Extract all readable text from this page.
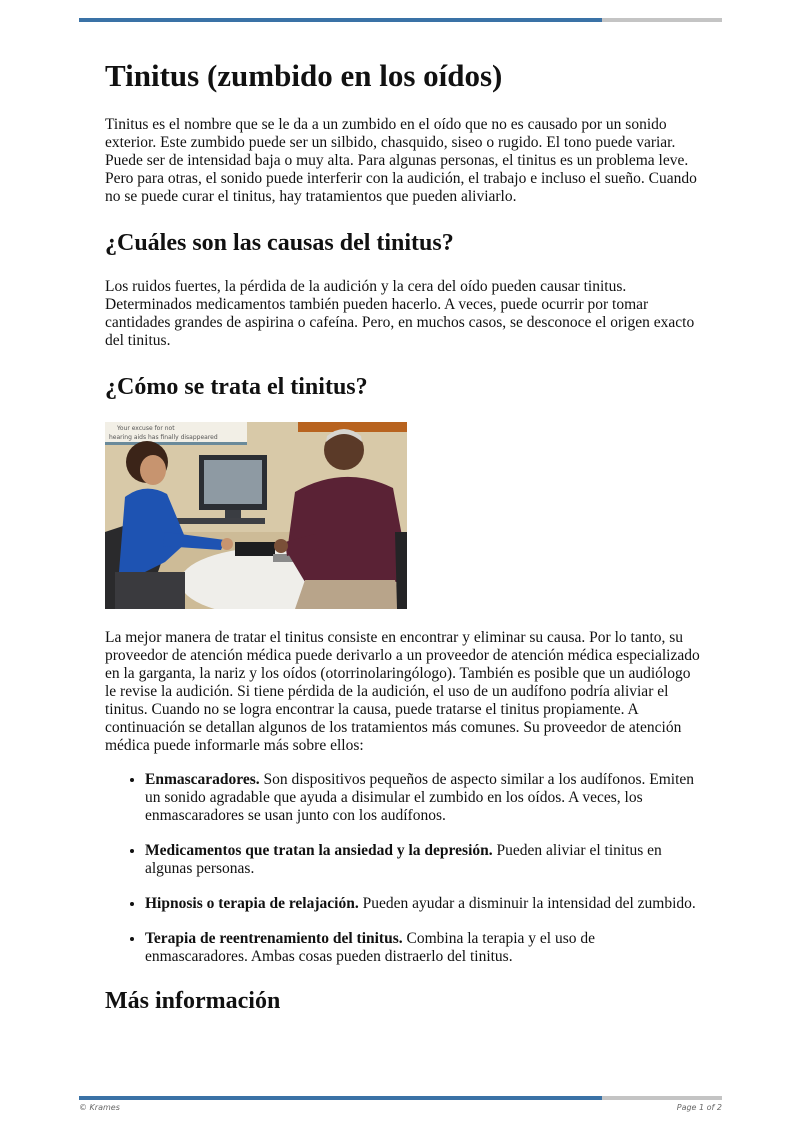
Tinitus (zumbido en los oídos)

Tinitus es el nombre que se le da a un zumbido en el oído que no es causado por un sonido exterior. Este zumbido puede ser un silbido, chasquido, siseo o rugido. El tono puede variar. Puede ser de intensidad baja o muy alta. Para algunas personas, el tinitus es un problema leve. Pero para otras, el sonido puede interferir con la audición, el trabajo e incluso el sueño. Cuando no se puede curar el tinitus, hay tratamientos que pueden aliviarlo.

¿Cuáles son las causas del tinitus?

Los ruidos fuertes, la pérdida de la audición y la cera del oído pueden causar tinitus. Determinados medicamentos también pueden hacerlo. A veces, puede ocurrir por tomar cantidades grandes de aspirina o cafeína. Pero, en muchos casos, se desconoce el origen exacto del tinitus.

¿Cómo se trata el tinitus?
Your excuse for not
hearing aids has finally disappeared

La mejor manera de tratar el tinitus consiste en encontrar y eliminar su causa. Por lo tanto, su proveedor de atención médica puede derivarlo a un proveedor de atención médica especializado en la garganta, la nariz y los oídos (otorrinolaringólogo). También es posible que un audiólogo le revise la audición. Si tiene pérdida de la audición, el uso de un audífono podría aliviar el tinitus. Cuando no se logra encontrar la causa, puede tratarse el tinitus propiamente. A continuación se detallan algunos de los tratamientos más comunes. Su proveedor de atención médica puede informarle más sobre ellos:

• Enmascaradores. Son dispositivos pequeños de aspecto similar a los audífonos. Emiten un sonido agradable que ayuda a disimular el zumbido en los oídos. A veces, los enmascaradores se usan junto con los audífonos.
• Medicamentos que tratan la ansiedad y la depresión. Pueden aliviar el tinitus en algunas personas.
• Hipnosis o terapia de relajación. Pueden ayudar a disminuir la intensidad del zumbido.
• Terapia de reentrenamiento del tinitus. Combina la terapia y el uso de enmascaradores. Ambas cosas pueden distraerlo del tinitus.
Más información
© Krames	Page 1 of 2
